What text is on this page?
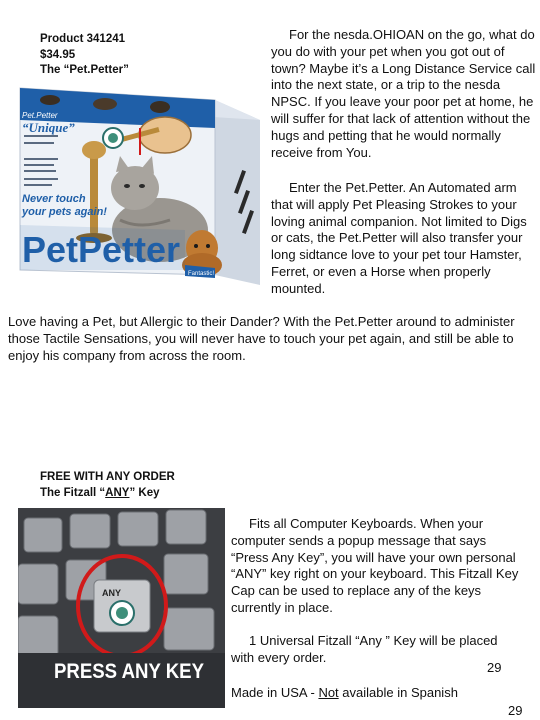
Product 341241
$34.95
The “Pet.Petter”
Pet.Petter
“Unique”
Never touch
your pets again!
PetPetter
Fantastic!
For the nesda.OHIOAN on the go, what do you do with your pet when you got out of town? Maybe it’s a Long Distance Service call into the next state, or a trip to the nesda NPSC. If you leave your poor pet at home, he will suffer for that lack of attention without the hugs and petting that he would normally receive from You.
Enter the Pet.Petter. An Automated arm that will apply Pet Pleasing Strokes to your loving animal companion. Not limited to Digs or cats, the Pet.Petter will also transfer your long sidtance love to your pet tour Hamster, Ferret, or even a Horse when properly mounted.
Love having a Pet, but Allergic to their Dander? With the Pet.Petter around to administer those Tactile Sensations, you will never have to touch your pet again, and still be able to enjoy his company from across the room.
FREE WITH ANY ORDER
The Fitzall “ANY” Key
ANY
PRESS ANY KEY
Fits all Computer Keyboards. When your computer sends a popup message that says “Press Any Key”, you will have your own personal “ANY” key right on your keyboard. This Fitzall Key Cap can be used to replace any of the keys currently in place.
1 Universal Fitzall “Any ” Key will be placed with every order.
29
Made in USA - Not available in Spanish
29
